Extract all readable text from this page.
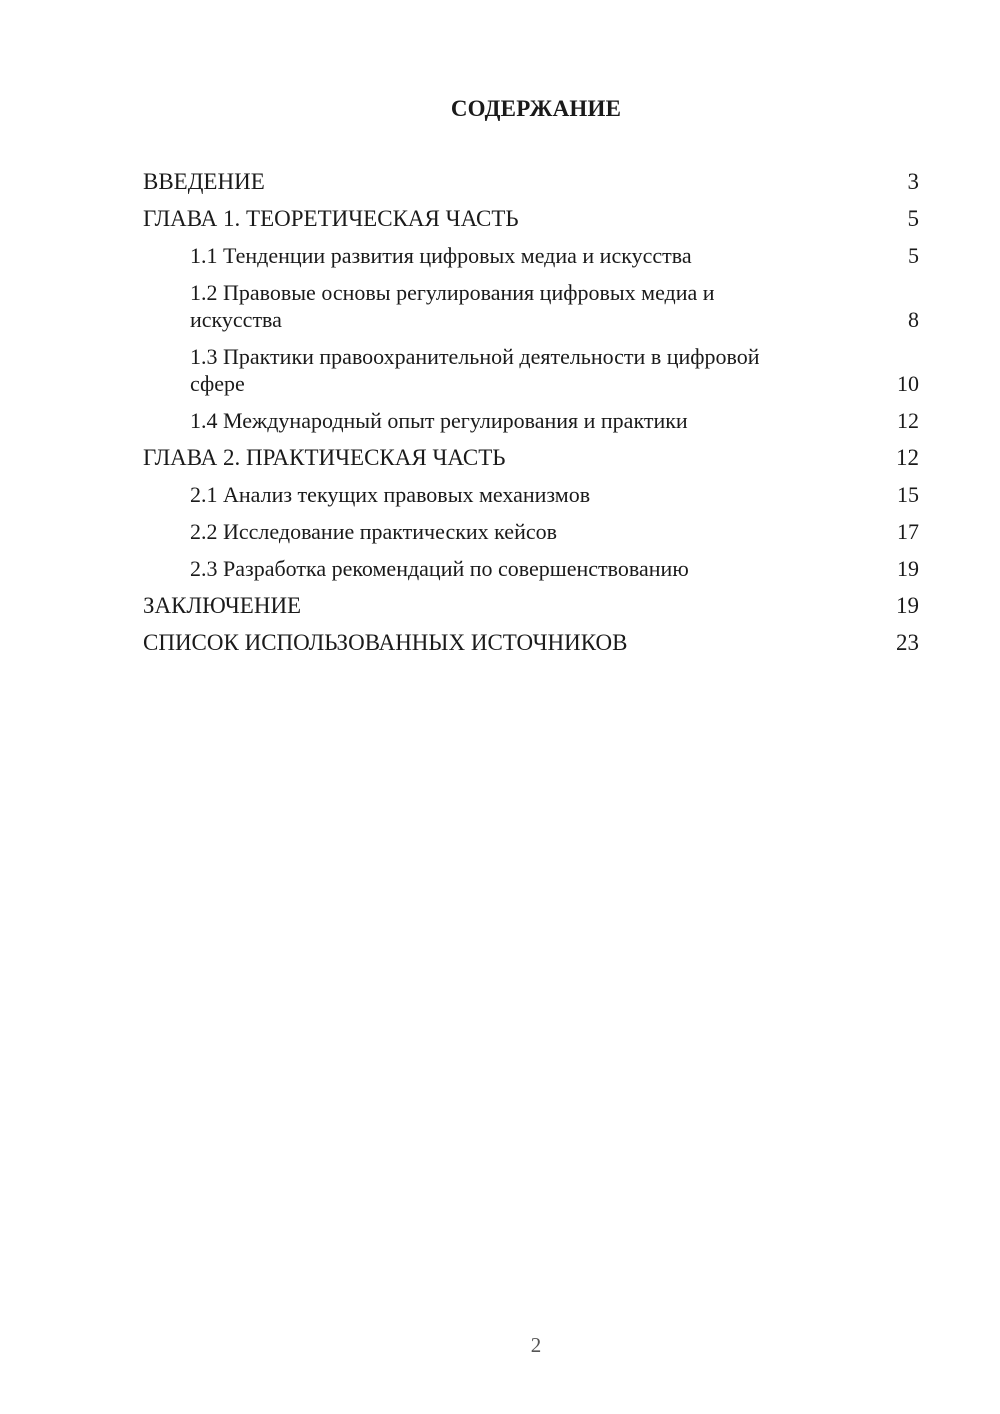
СОДЕРЖАНИЕ
ВВЕДЕНИЕ	3
ГЛАВА 1. ТЕОРЕТИЧЕСКАЯ ЧАСТЬ	5
1.1 Тенденции развития цифровых медиа и искусства	5
1.2 Правовые основы регулирования цифровых медиа и искусства	8
1.3 Практики правоохранительной деятельности в цифровой сфере	10
1.4 Международный опыт регулирования и практики	12
ГЛАВА 2. ПРАКТИЧЕСКАЯ ЧАСТЬ	12
2.1 Анализ текущих правовых механизмов	15
2.2 Исследование практических кейсов	17
2.3 Разработка рекомендаций по совершенствованию	19
ЗАКЛЮЧЕНИЕ	19
СПИСОК ИСПОЛЬЗОВАННЫХ ИСТОЧНИКОВ	23
2
